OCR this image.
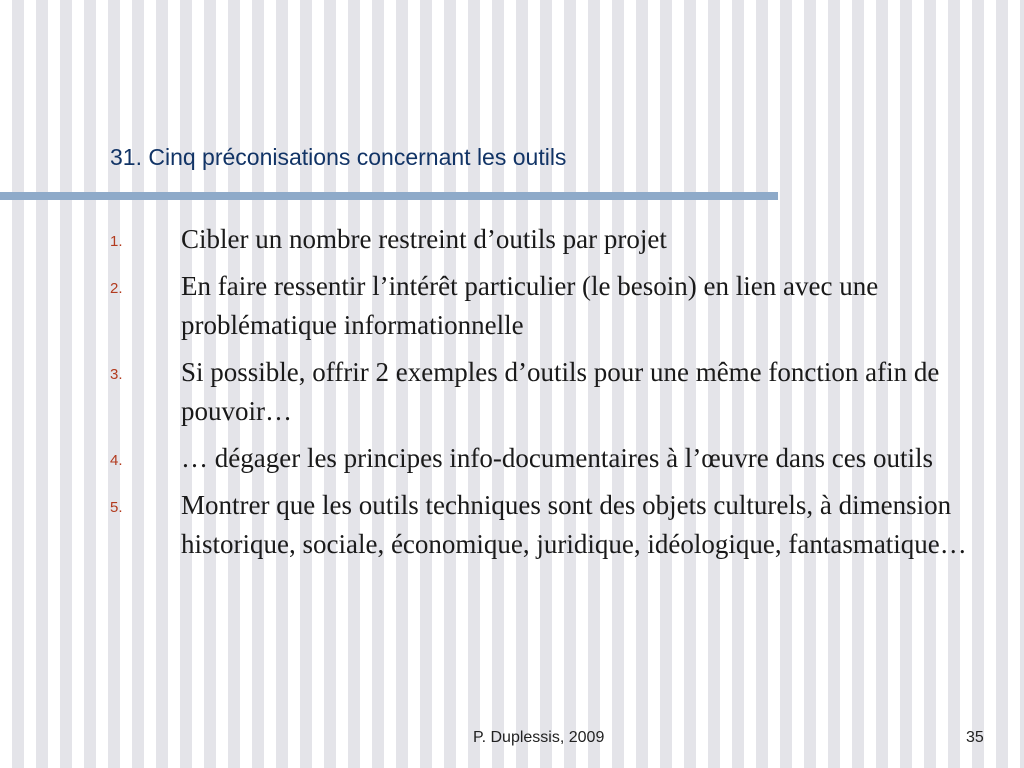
31. Cinq préconisations concernant les outils
1. Cibler un nombre restreint d’outils par projet
2. En faire ressentir l’intérêt particulier (le besoin) en lien avec une problématique informationnelle
3. Si possible, offrir 2 exemples d’outils pour une même fonction afin de pouvoir…
4. … dégager les principes info-documentaires à l’œuvre dans ces outils
5. Montrer que les outils techniques sont des objets culturels, à dimension historique, sociale, économique, juridique, idéologique, fantasmatique…
P. Duplessis, 2009	35
